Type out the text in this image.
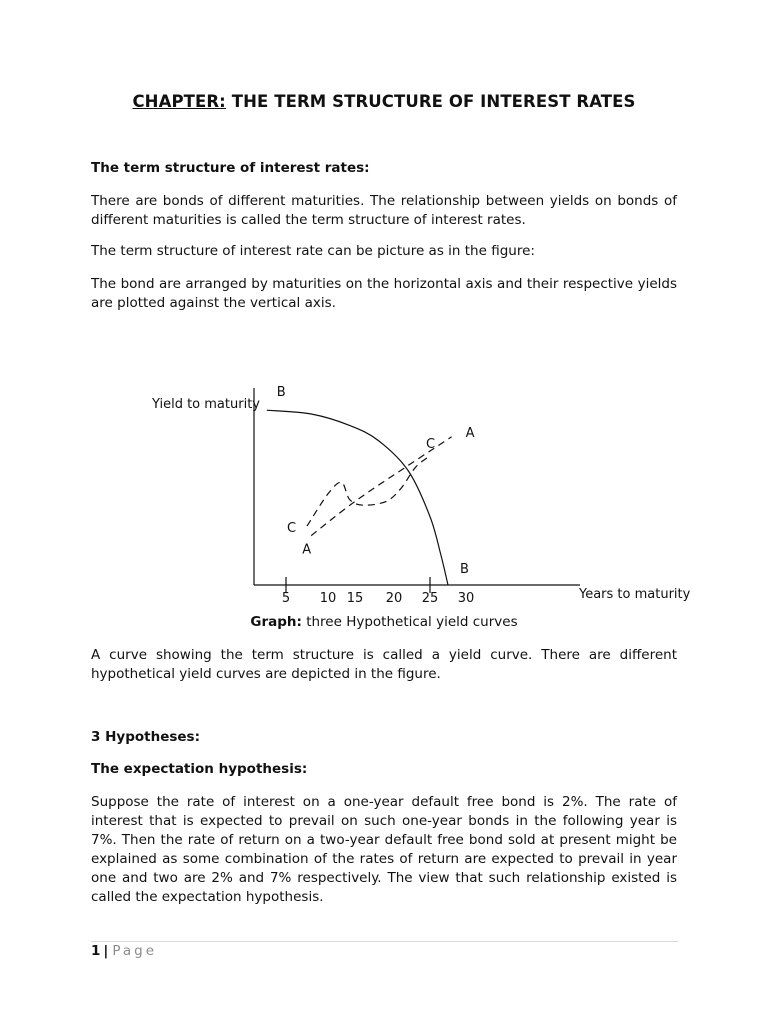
CHAPTER: THE TERM STRUCTURE OF INTEREST RATES
The term structure of interest rates:

There are bonds of different maturities. The relationship between yields on bonds of different maturities is called the term structure of interest rates.

The term structure of interest rate can be picture as in the figure:

The bond are arranged by maturities on the horizontal axis and their respective yields are plotted against the vertical axis.

Yield to maturity
Years to maturity
5 10 15 20 25 30
B
B
A
A
C
C
Graph: three Hypothetical yield curves

A curve showing the term structure is called a yield curve. There are different hypothetical yield curves are depicted in the figure.

3 Hypotheses:
The expectation hypothesis:

Suppose the rate of interest on a one-year default free bond is 2%. The rate of interest that is expected to prevail on such one-year bonds in the following year is 7%. Then the rate of return on a two-year default free bond sold at present might be explained as some combination of the rates of return are expected to prevail in year one and two are 2% and 7% respectively. The view that such relationship existed is called the expectation hypothesis.

1 | Page
